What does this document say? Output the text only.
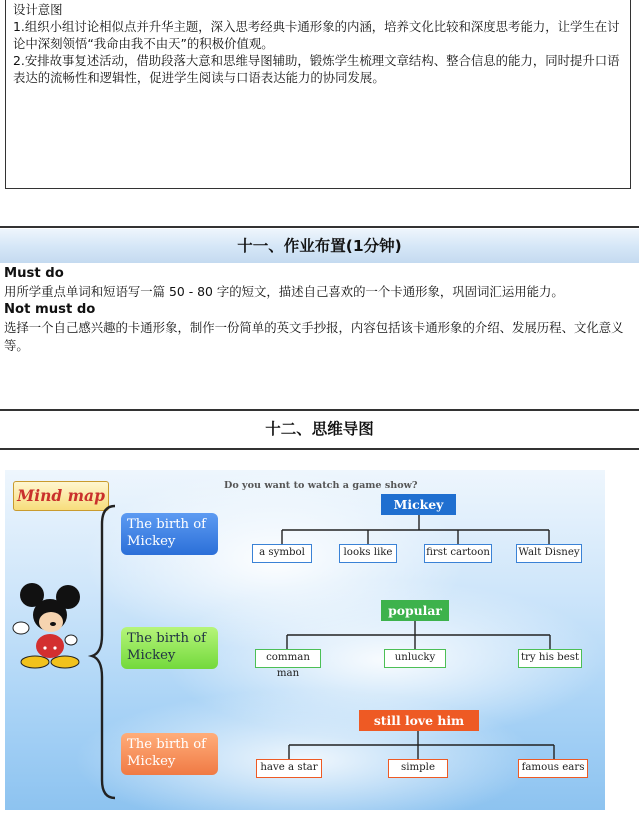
设计意图
1.组织小组讨论相似点并升华主题，深入思考经典卡通形象的内涵，培养文化比较和深度思考能力，让学生在讨论中深刻领悟“我命由我不由天”的积极价值观。
2.安排故事复述活动，借助段落大意和思维导图辅助，锻炼学生梳理文章结构、整合信息的能力，同时提升口语表达的流畅性和逻辑性，促进学生阅读与口语表达能力的协同发展。
十一、作业布置(1分钟)
Must do
用所学重点单词和短语写一篇 50 - 80 字的短文，描述自己喜欢的一个卡通形象，巩固词汇运用能力。
Not must do
选择一个自己感兴趣的卡通形象，制作一份简单的英文手抄报，内容包括该卡通形象的介绍、发展历程、文化意义等。
十二、思维导图
Mind map
Do you want to watch a game show?
The birth of Mickey
The birth of Mickey
The birth of Mickey
Mickey
popular
still love him
a symbol	looks like	first cartoon	Walt Disney
comman man
unlucky	try his best
have a star	simple	famous ears
